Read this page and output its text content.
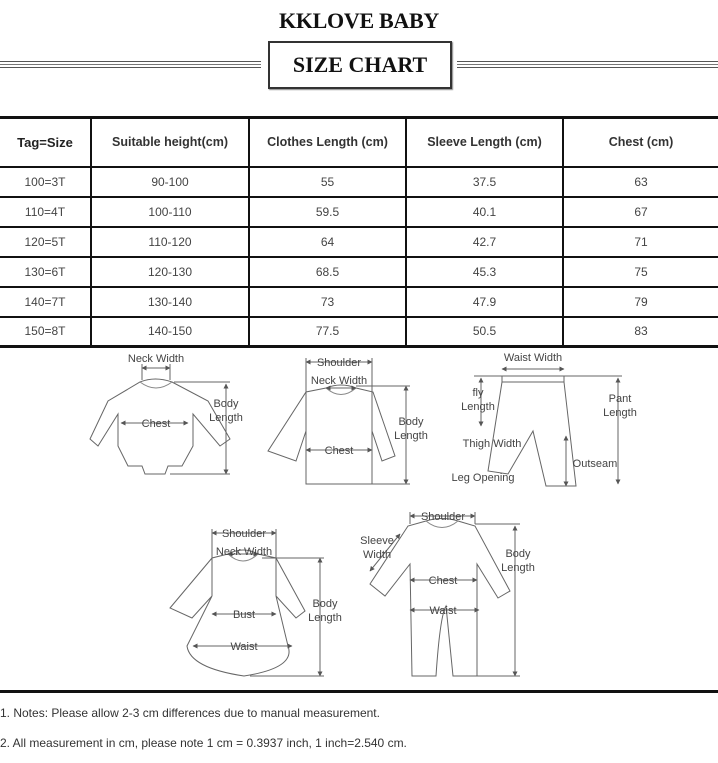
KKLOVE BABY
SIZE CHART
Tag=Size	Suitable height(cm)	Clothes Length (cm)	Sleeve Length (cm)	Chest (cm)
100=3T	90-100	55	37.5	63
110=4T	100-110	59.5	40.1	67
120=5T	110-120	64	42.7	71
130=6T	120-130	68.5	45.3	75
140=7T	130-140	73	47.9	79
150=8T	140-150	77.5	50.5	83
Neck Width
Chest
Body
Length
Shoulder
Neck Width
Chest
Body
Length
Waist Width
fly
Length
Pant
Length
Thigh Width
Outseam
Leg Opening
Shoulder
Neck Width
Bust
Waist
Body
Length
Shoulder
Sleeve
Width
Chest
Waist
Body
Length
1. Notes: Please allow 2-3 cm differences due to manual measurement.
2. All measurement in cm, please note 1 cm = 0.3937 inch, 1 inch=2.540 cm.
